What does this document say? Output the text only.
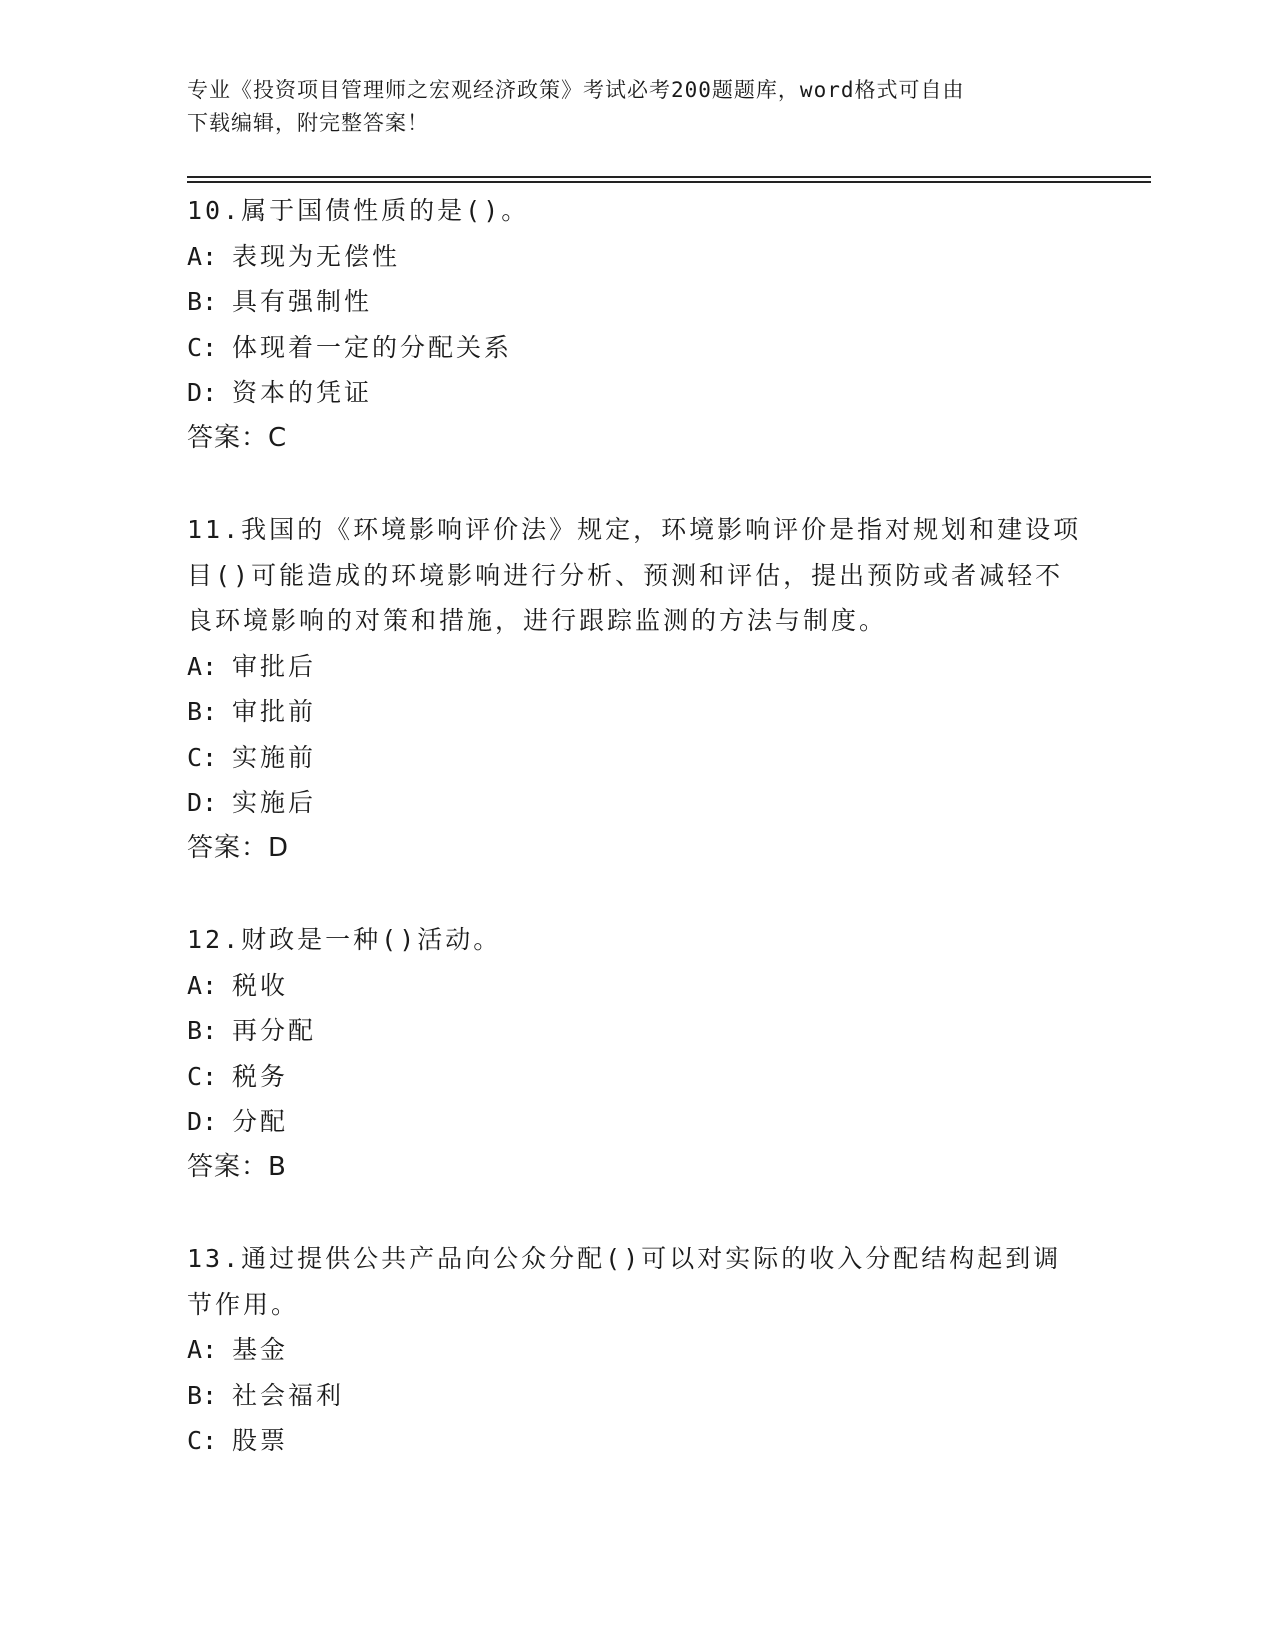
专业《投资项目管理师之宏观经济政策》考试必考200题题库，word格式可自由
下载编辑，附完整答案！
10.属于国债性质的是()。
A: 表现为无偿性
B: 具有强制性
C: 体现着一定的分配关系
D: 资本的凭证
答案：C
11.我国的《环境影响评价法》规定，环境影响评价是指对规划和建设项目()可能造成的环境影响进行分析、预测和评估，提出预防或者减轻不良环境影响的对策和措施，进行跟踪监测的方法与制度。
A: 审批后
B: 审批前
C: 实施前
D: 实施后
答案：D
12.财政是一种()活动。
A: 税收
B: 再分配
C: 税务
D: 分配
答案：B
13.通过提供公共产品向公众分配()可以对实际的收入分配结构起到调节作用。
A: 基金
B: 社会福利
C: 股票
